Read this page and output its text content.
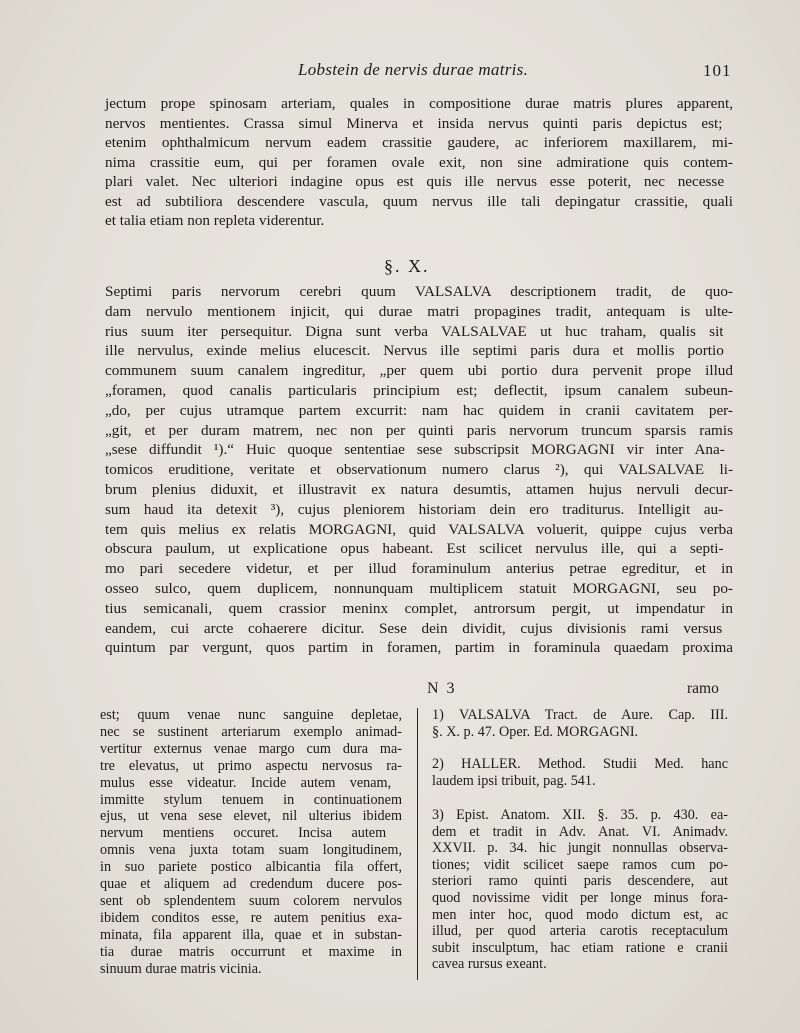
Lobstein de nervis durae matris.	101
jectum prope spinosam arteriam, quales in compositione durae matris plures apparent,
nervos mentientes. Crassa simul Minerva et insida nervus quinti paris depictus est;
etenim ophthalmicum nervum eadem crassitie gaudere, ac inferiorem maxillarem, mi-
nima crassitie eum, qui per foramen ovale exit, non sine admiratione quis contem-
plari valet. Nec ulteriori indagine opus est quis ille nervus esse poterit, nec necesse
est ad subtiliora descendere vascula, quum nervus ille tali depingatur crassitie, quali
et talia etiam non repleta viderentur.
§. X.
Septimi paris nervorum cerebri quum VALSALVA descriptionem tradit, de quo-
dam nervulo mentionem injicit, qui durae matri propagines tradit, antequam is ulte-
rius suum iter persequitur. Digna sunt verba VALSALVAE ut huc traham, qualis sit
ille nervulus, exinde melius elucescit. Nervus ille septimi paris dura et mollis portio
communem suum canalem ingreditur, „per quem ubi portio dura pervenit prope illud
„foramen, quod canalis particularis principium est; deflectit, ipsum canalem subeun-
„do, per cujus utramque partem excurrit: nam hac quidem in cranii cavitatem per-
„git, et per duram matrem, nec non per quinti paris nervorum truncum sparsis ramis
„sese diffundit ¹).“ Huic quoque sententiae sese subscripsit MORGAGNI vir inter Ana-
tomicos eruditione, veritate et observationum numero clarus ²), qui VALSALVAE li-
brum plenius diduxit, et illustravit ex natura desumtis, attamen hujus nervuli decur-
sum haud ita detexit ³), cujus pleniorem historiam dein ero traditurus. Intelligit au-
tem quis melius ex relatis MORGAGNI, quid VALSALVA voluerit, quippe cujus verba
obscura paulum, ut explicatione opus habeant. Est scilicet nervulus ille, qui a septi-
mo pari secedere videtur, et per illud foraminulum anterius petrae egreditur, et in
osseo sulco, quem duplicem, nonnunquam multiplicem statuit MORGAGNI, seu po-
tius semicanali, quem crassior meninx complet, antrorsum pergit, ut impendatur in
eandem, cui arcte cohaerere dicitur. Sese dein dividit, cujus divisionis rami versus
quintum par vergunt, quos partim in foramen, partim in foraminula quaedam proxima
N 3	ramo
est; quum venae nunc sanguine depletae,
nec se sustinent arteriarum exemplo animad-
vertitur externus venae margo cum dura ma-
tre elevatus, ut primo aspectu nervosus ra-
mulus esse videatur. Incide autem venam,
immitte stylum tenuem in continuationem
ejus, ut vena sese elevet, nil ulterius ibidem
nervum mentiens occuret. Incisa autem
omnis vena juxta totam suam longitudinem,
in suo pariete postico albicantia fila offert,
quae et aliquem ad credendum ducere pos-
sent ob splendentem suum colorem nervulos
ibidem conditos esse, re autem penitius exa-
minata, fila apparent illa, quae et in substan-
tia durae matris occurrunt et maxime in
sinuum durae matris vicinia.
1) VALSALVA Tract. de Aure. Cap. III.
§. X. p. 47. Oper. Ed. MORGAGNI.
2) HALLER. Method. Studii Med. hanc
laudem ipsi tribuit, pag. 541.
3) Epist. Anatom. XII. §. 35. p. 430. ea-
dem et tradit in Adv. Anat. VI. Animadv.
XXVII. p. 34. hic jungit nonnullas observa-
tiones; vidit scilicet saepe ramos cum po-
steriori ramo quinti paris descendere, aut
quod novissime vidit per longe minus fora-
men inter hoc, quod modo dictum est, ac
illud, per quod arteria carotis receptaculum
subit insculptum, hac etiam ratione e cranii
cavea rursus exeant.
